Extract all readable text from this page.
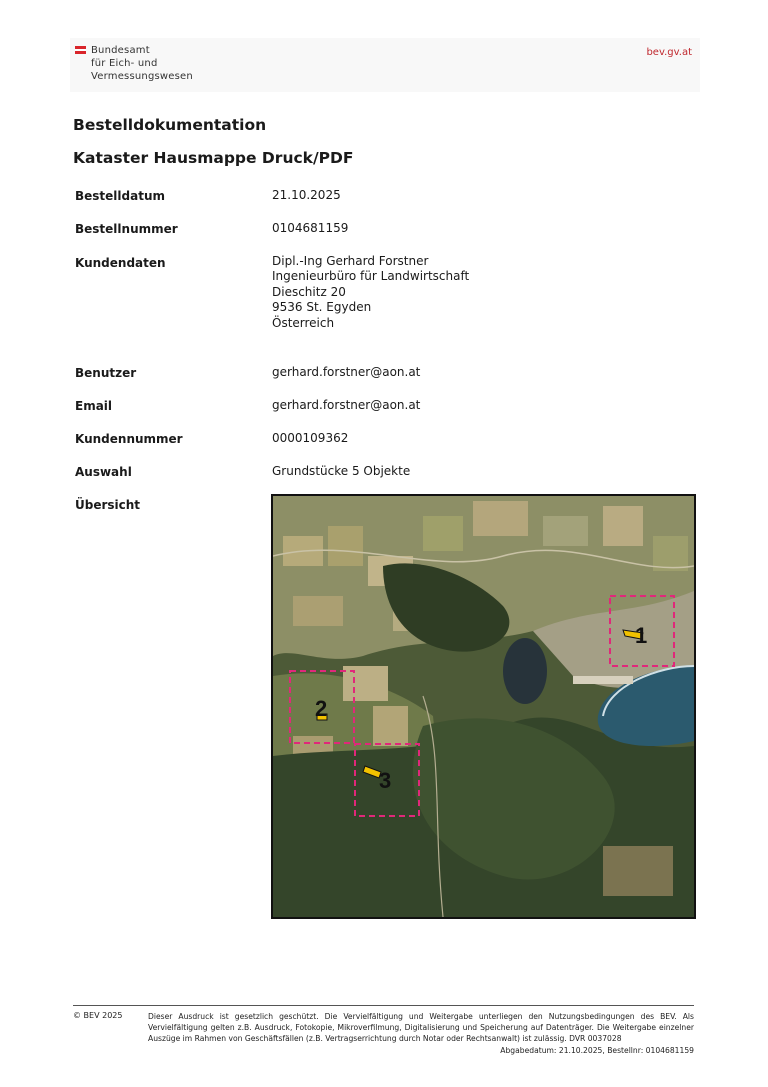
Bundesamt
für Eich- und
Vermessungswesen
bev.gv.at
Bestelldokumentation
Kataster Hausmappe Druck/PDF
Bestelldatum	21.10.2025
Bestellnummer	0104681159
Kundendaten	Dipl.-Ing Gerhard Forstner
Ingenieurbüro für Landwirtschaft
Dieschitz 20
9536 St. Egyden
Österreich
Benutzer	gerhard.forstner@aon.at
Email	gerhard.forstner@aon.at
Kundennummer	0000109362
Auswahl	Grundstücke 5 Objekte
Übersicht
1
2
3
© BEV 2025	Dieser Ausdruck ist gesetzlich geschützt. Die Vervielfältigung und Weitergabe unterliegen den Nutzungsbedingungen des BEV. Als Vervielfältigung gelten z.B. Ausdruck, Fotokopie, Mikroverfilmung, Digitalisierung und Speicherung auf Datenträger. Die Weitergabe einzelner Auszüge im Rahmen von Geschäftsfällen (z.B. Vertragserrichtung durch Notar oder Rechtsanwalt) ist zulässig. DVR 0037028
Abgabedatum: 21.10.2025, Bestellnr: 0104681159
